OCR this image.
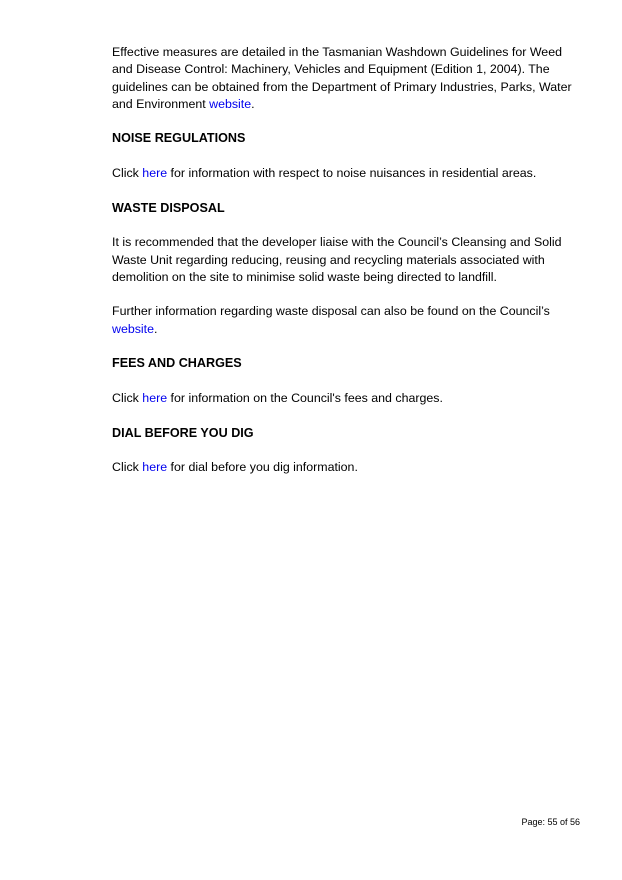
Effective measures are detailed in the Tasmanian Washdown Guidelines for Weed and Disease Control: Machinery, Vehicles and Equipment (Edition 1, 2004). The guidelines can be obtained from the Department of Primary Industries, Parks, Water and Environment website.

NOISE REGULATIONS

Click here for information with respect to noise nuisances in residential areas.

WASTE DISPOSAL

It is recommended that the developer liaise with the Council’s Cleansing and Solid Waste Unit regarding reducing, reusing and recycling materials associated with demolition on the site to minimise solid waste being directed to landfill.

Further information regarding waste disposal can also be found on the Council’s website.

FEES AND CHARGES

Click here for information on the Council's fees and charges.

DIAL BEFORE YOU DIG

Click here for dial before you dig information.

Page: 55 of 56
